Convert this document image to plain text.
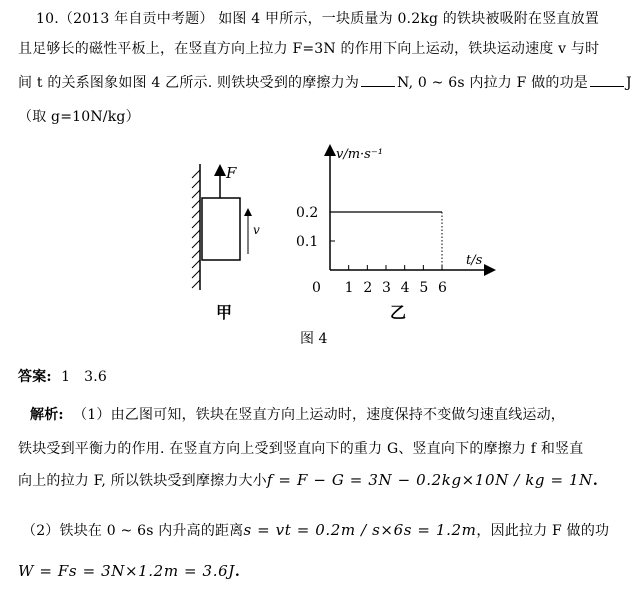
10.（2013 年自贡中考题） 如图 4 甲所示，一块质量为 0.2kg 的铁块被吸附在竖直放置
且足够长的磁性平板上，在竖直方向上拉力 F=3N 的作用下向上运动，铁块运动速度 v 与时
间 t 的关系图象如图 4 乙所示. 则铁块受到的摩擦力为	N, 0 ~ 6s 内拉力 F 做的功是	J
（取 g=10N/kg）
F
v
甲
v/m·s⁻¹
t/s
0
0.2
0.1
1 2 3 4 5 6
乙
图 4
答案: 1   3.6
解析: （1）由乙图可知，铁块在竖直方向上运动时，速度保持不变做匀速直线运动，
铁块受到平衡力的作用. 在竖直方向上受到竖直向下的重力 G、竖直向下的摩擦力 f 和竖直
向上的拉力 F, 所以铁块受到摩擦力大小f = F − G = 3N − 0.2kg×10N / kg = 1N.
（2）铁块在 0 ~ 6s 内升高的距离s = vt = 0.2m / s×6s = 1.2m，因此拉力 F 做的功
W = Fs = 3N×1.2m = 3.6J.
